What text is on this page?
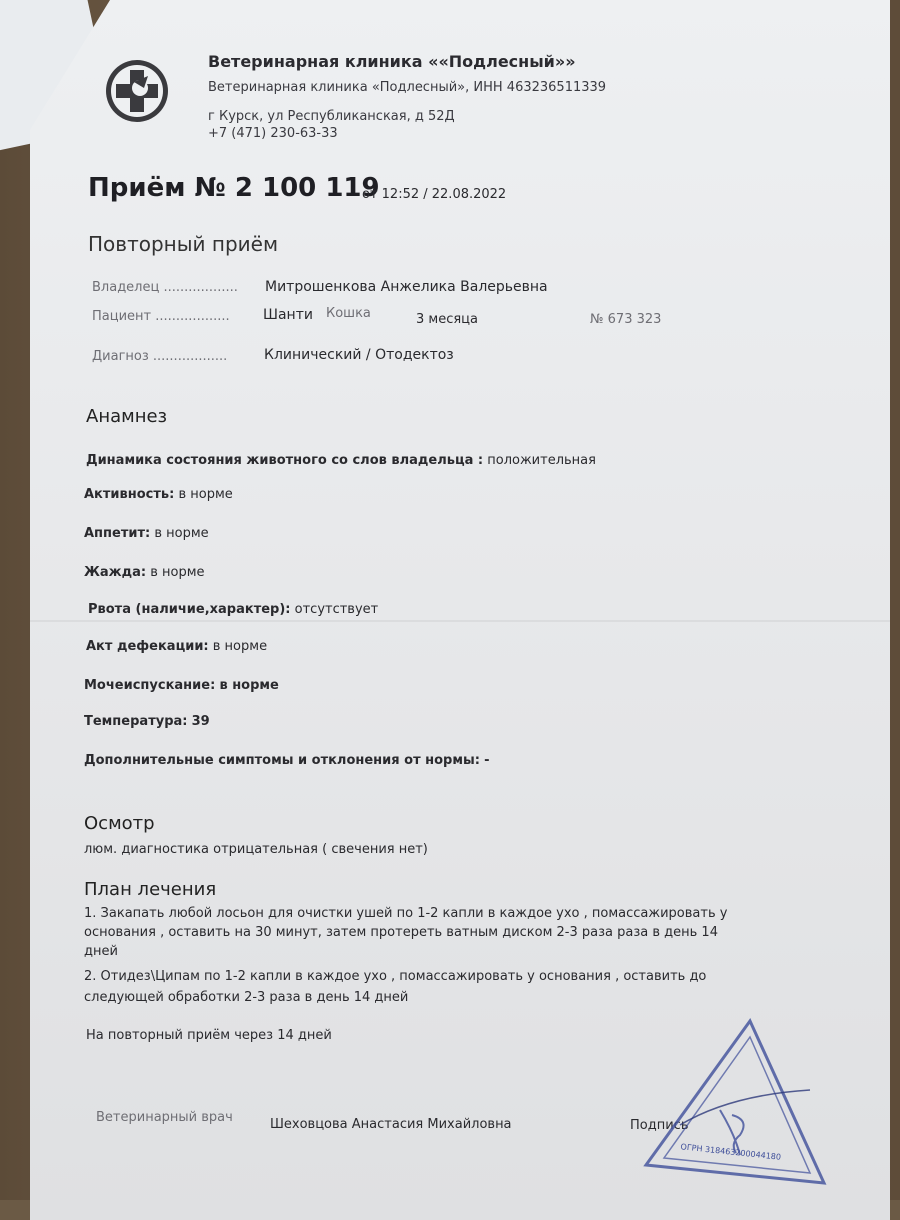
Ветеринарная клиника ««Подлесный»»
Ветеринарная клиника «Подлесный», ИНН 463236511339
г Курск, ул Республиканская, д 52Д
+7 (471) 230-63-33
Приём № 2 100 119
от 12:52 / 22.08.2022
Повторный приём
Владелец .................. Митрошенкова Анжелика Валерьевна
Пациент .................. Шанти Кошка	3 месяца	№ 673 323
Диагноз ..................	Клинический / Отодектоз
Анамнез
Динамика состояния животного со слов владельца : положительная
Активность: в норме
Аппетит: в норме
Жажда: в норме
Рвота (наличие,характер): отсутствует
Акт дефекации: в норме
Мочеиспускание: в норме
Температура: 39
Дополнительные симптомы и отклонения от нормы: -
Осмотр
люм. диагностика отрицательная ( свечения нет)
План лечения
1. Закапать любой лосьон для очистки ушей по 1-2 капли в каждое ухо , помассажировать у
основания , оставить на 30 минут, затем протереть ватным диском 2-3 раза раза в день 14
дней
2. Отидез\Ципам по 1-2 капли в каждое ухо , помассажировать у основания , оставить до
следующей обработки 2-3 раза в день 14 дней
На повторный приём через 14 дней
Ветеринарный врач	Шеховцова Анастасия Михайловна	Подпись
ОГРН 318463200044180
